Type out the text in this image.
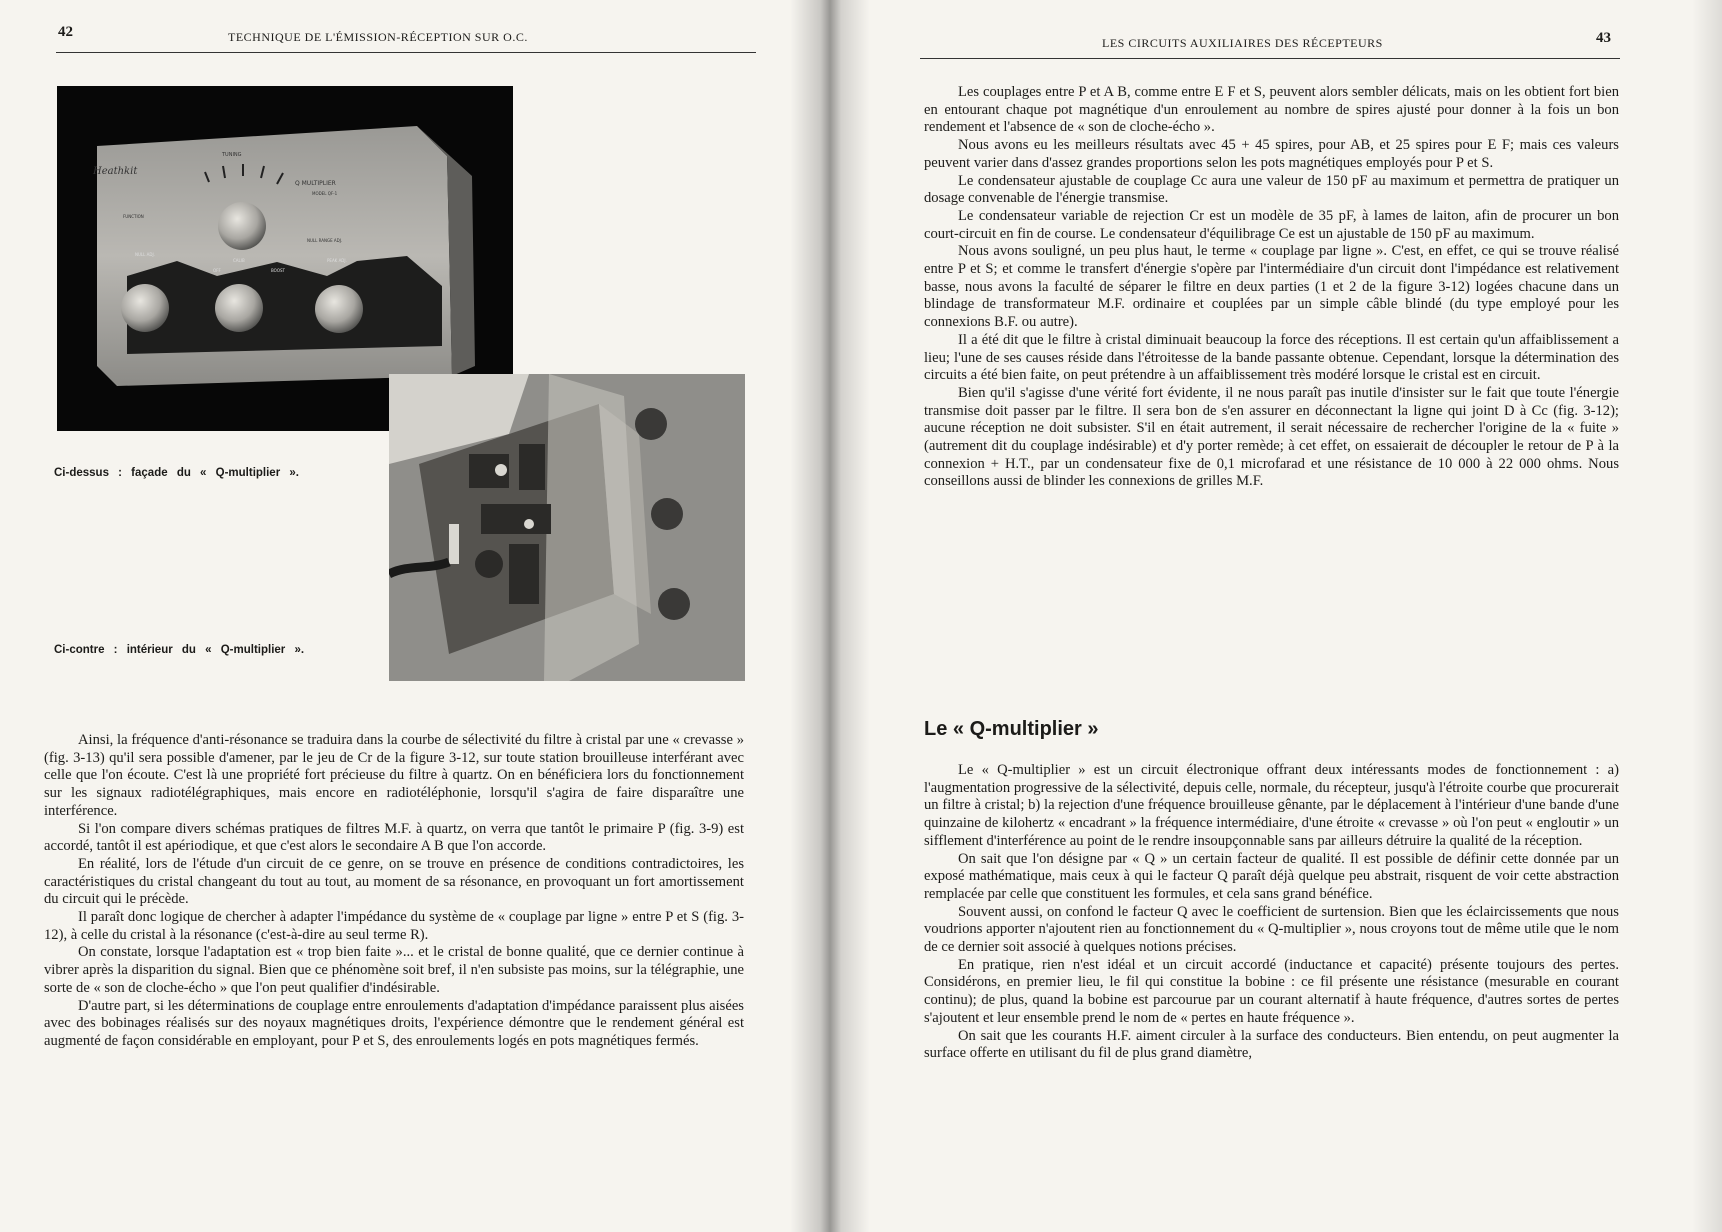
42	TECHNIQUE DE L'ÉMISSION-RÉCEPTION SUR O.C.
Heathkit
TUNING
Q MULTIPLIER
MODEL QF-1
FUNCTION
NULL ADJ.
PEAK ADJ.
BOOST
OFF
CALIB
NULL RANGE ADJ.
Ci-dessus : façade du « Q-multiplier ».
Ci-contre : intérieur du « Q-multiplier ».

Ainsi, la fréquence d'anti-résonance se traduira dans la courbe de sélectivité du filtre à cristal par une « crevasse » (fig. 3-13) qu'il sera possible d'amener, par le jeu de Cr de la figure 3-12, sur toute station brouilleuse interférant avec celle que l'on écoute. C'est là une propriété fort précieuse du filtre à quartz. On en bénéficiera lors du fonctionnement sur les signaux radiotélégraphiques, mais encore en radiotéléphonie, lorsqu'il s'agira de faire disparaître une interférence.

Si l'on compare divers schémas pratiques de filtres M.F. à quartz, on verra que tantôt le primaire P (fig. 3-9) est accordé, tantôt il est apériodique, et que c'est alors le secondaire A B que l'on accorde.

En réalité, lors de l'étude d'un circuit de ce genre, on se trouve en présence de conditions contradictoires, les caractéristiques du cristal changeant du tout au tout, au moment de sa résonance, en provoquant un fort amortissement du circuit qui le précède.

Il paraît donc logique de chercher à adapter l'impédance du système de « couplage par ligne » entre P et S (fig. 3-12), à celle du cristal à la résonance (c'est-à-dire au seul terme R).

On constate, lorsque l'adaptation est « trop bien faite »... et le cristal de bonne qualité, que ce dernier continue à vibrer après la disparition du signal. Bien que ce phénomène soit bref, il n'en subsiste pas moins, sur la télégraphie, une sorte de « son de cloche-écho » que l'on peut qualifier d'indésirable.

D'autre part, si les déterminations de couplage entre enroulements d'adaptation d'impédance paraissent plus aisées avec des bobinages réalisés sur des noyaux magnétiques droits, l'expérience démontre que le rendement général est augmenté de façon considérable en employant, pour P et S, des enroulements logés en pots magnétiques fermés.

LES CIRCUITS AUXILIAIRES DES RÉCEPTEURS	43

Les couplages entre P et A B, comme entre E F et S, peuvent alors sembler délicats, mais on les obtient fort bien en entourant chaque pot magnétique d'un enroulement au nombre de spires ajusté pour donner à la fois un bon rendement et l'absence de « son de cloche-écho ».

Nous avons eu les meilleurs résultats avec 45 + 45 spires, pour AB, et 25 spires pour E F; mais ces valeurs peuvent varier dans d'assez grandes proportions selon les pots magnétiques employés pour P et S.

Le condensateur ajustable de couplage Cc aura une valeur de 150 pF au maximum et permettra de pratiquer un dosage convenable de l'énergie transmise.

Le condensateur variable de rejection Cr est un modèle de 35 pF, à lames de laiton, afin de procurer un bon court-circuit en fin de course. Le condensateur d'équilibrage Ce est un ajustable de 150 pF au maximum.

Nous avons souligné, un peu plus haut, le terme « couplage par ligne ». C'est, en effet, ce qui se trouve réalisé entre P et S; et comme le transfert d'énergie s'opère par l'intermédiaire d'un circuit dont l'impédance est relativement basse, nous avons la faculté de séparer le filtre en deux parties (1 et 2 de la figure 3-12) logées chacune dans un blindage de transformateur M.F. ordinaire et couplées par un simple câble blindé (du type employé pour les connexions B.F. ou autre).

Il a été dit que le filtre à cristal diminuait beaucoup la force des réceptions. Il est certain qu'un affaiblissement a lieu; l'une de ses causes réside dans l'étroitesse de la bande passante obtenue. Cependant, lorsque la détermination des circuits a été bien faite, on peut prétendre à un affaiblissement très modéré lorsque le cristal est en circuit.

Bien qu'il s'agisse d'une vérité fort évidente, il ne nous paraît pas inutile d'insister sur le fait que toute l'énergie transmise doit passer par le filtre. Il sera bon de s'en assurer en déconnectant la ligne qui joint D à Cc (fig. 3-12); aucune réception ne doit subsister. S'il en était autrement, il serait nécessaire de rechercher l'origine de la « fuite » (autrement dit du couplage indésirable) et d'y porter remède; à cet effet, on essaierait de découpler le retour de P à la connexion + H.T., par un condensateur fixe de 0,1 microfarad et une résistance de 10 000 à 22 000 ohms. Nous conseillons aussi de blinder les connexions de grilles M.F.

Le « Q-multiplier »

Le « Q-multiplier » est un circuit électronique offrant deux intéressants modes de fonctionnement : a) l'augmentation progressive de la sélectivité, depuis celle, normale, du récepteur, jusqu'à l'étroite courbe que procurerait un filtre à cristal; b) la rejection d'une fréquence brouilleuse gênante, par le déplacement à l'intérieur d'une bande d'une quinzaine de kilohertz « encadrant » la fréquence intermédiaire, d'une étroite « crevasse » où l'on peut « engloutir » un sifflement d'interférence au point de le rendre insoupçonnable sans par ailleurs détruire la qualité de la réception.

On sait que l'on désigne par « Q » un certain facteur de qualité. Il est possible de définir cette donnée par un exposé mathématique, mais ceux à qui le facteur Q paraît déjà quelque peu abstrait, risquent de voir cette abstraction remplacée par celle que constituent les formules, et cela sans grand bénéfice.

Souvent aussi, on confond le facteur Q avec le coefficient de surtension. Bien que les éclaircissements que nous voudrions apporter n'ajoutent rien au fonctionnement du « Q-multiplier », nous croyons tout de même utile que le nom de ce dernier soit associé à quelques notions précises.

En pratique, rien n'est idéal et un circuit accordé (inductance et capacité) présente toujours des pertes. Considérons, en premier lieu, le fil qui constitue la bobine : ce fil présente une résistance (mesurable en courant continu); de plus, quand la bobine est parcourue par un courant alternatif à haute fréquence, d'autres sortes de pertes s'ajoutent et leur ensemble prend le nom de « pertes en haute fréquence ».

On sait que les courants H.F. aiment circuler à la surface des conducteurs. Bien entendu, on peut augmenter la surface offerte en utilisant du fil de plus grand diamètre,
